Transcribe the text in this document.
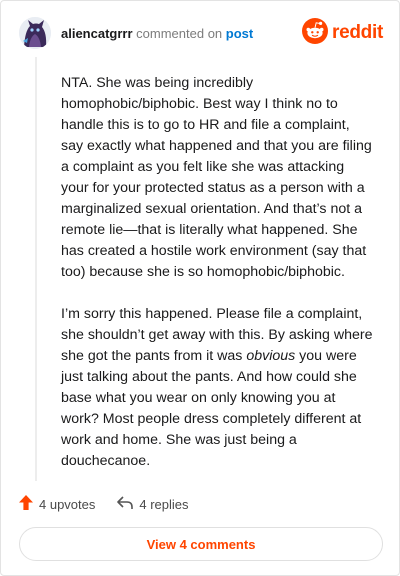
aliencatgrrr commented on post	reddit

NTA. She was being incredibly homophobic/biphobic. Best way I think no to handle this is to go to HR and file a complaint, say exactly what happened and that you are filing a complaint as you felt like she was attacking your for your protected status as a person with a marginalized sexual orientation. And that’s not a remote lie—that is literally what happened. She has created a hostile work environment (say that too) because she is so homophobic/biphobic.

I’m sorry this happened. Please file a complaint, she shouldn’t get away with this. By asking where she got the pants from it was obvious you were just talking about the pants. And how could she base what you wear on only knowing you at work? Most people dress completely different at work and home. She was just being a douchecanoe.

4 upvotes	4 replies
View 4 comments
